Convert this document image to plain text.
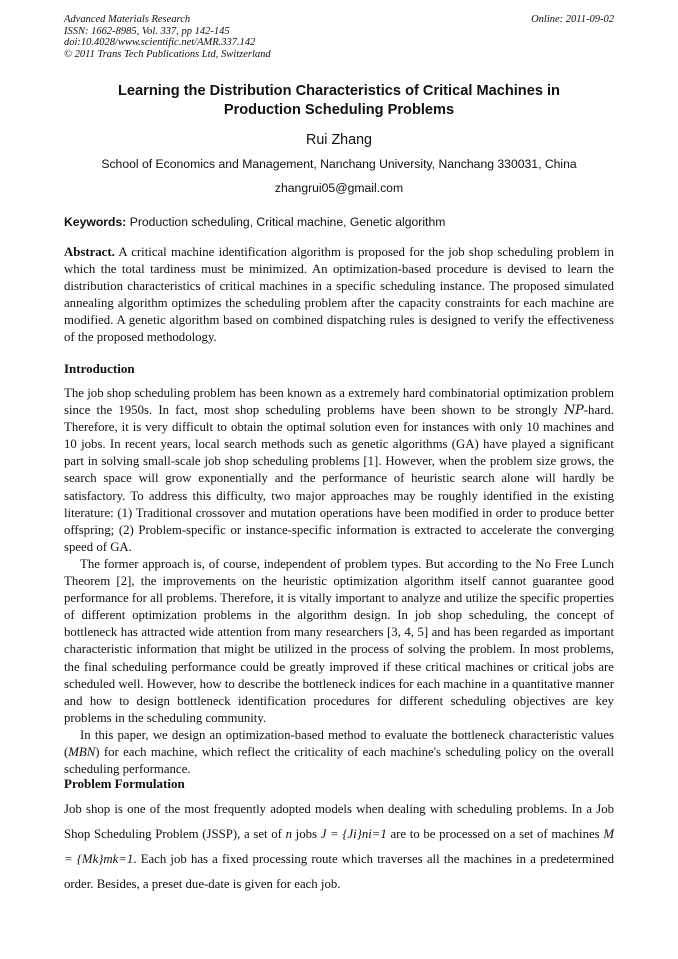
Advanced Materials Research
ISSN: 1662-8985, Vol. 337, pp 142-145
doi:10.4028/www.scientific.net/AMR.337.142
© 2011 Trans Tech Publications Ltd, Switzerland
Online: 2011-09-02
Learning the Distribution Characteristics of Critical Machines in
Production Scheduling Problems
Rui Zhang
School of Economics and Management, Nanchang University, Nanchang 330031, China
zhangrui05@gmail.com
Keywords: Production scheduling, Critical machine, Genetic algorithm
Abstract. A critical machine identification algorithm is proposed for the job shop scheduling problem in which the total tardiness must be minimized. An optimization-based procedure is devised to learn the distribution characteristics of critical machines in a specific scheduling instance. The proposed simulated annealing algorithm optimizes the scheduling problem after the capacity constraints for each machine are modified. A genetic algorithm based on combined dispatching rules is designed to verify the effectiveness of the proposed methodology.
Introduction

The job shop scheduling problem has been known as a extremely hard combinatorial optimization problem since the 1950s. In fact, most shop scheduling problems have been shown to be strongly NP-hard. Therefore, it is very difficult to obtain the optimal solution even for instances with only 10 machines and 10 jobs. In recent years, local search methods such as genetic algorithms (GA) have played a significant part in solving small-scale job shop scheduling problems [1]. However, when the problem size grows, the search space will grow exponentially and the performance of heuristic search alone will hardly be satisfactory. To address this difficulty, two major approaches may be roughly identified in the existing literature: (1) Traditional crossover and mutation operations have been modified in order to produce better offspring; (2) Problem-specific or instance-specific information is extracted to accelerate the converging speed of GA.

The former approach is, of course, independent of problem types. But according to the No Free Lunch Theorem [2], the improvements on the heuristic optimization algorithm itself cannot guarantee good performance for all problems. Therefore, it is vitally important to analyze and utilize the specific properties of different optimization problems in the algorithm design. In job shop scheduling, the concept of bottleneck has attracted wide attention from many researchers [3, 4, 5] and has been regarded as important characteristic information that might be utilized in the process of solving the problem. In most problems, the final scheduling performance could be greatly improved if these critical machines or critical jobs are scheduled well. However, how to describe the bottleneck indices for each machine in a quantitative manner and how to design bottleneck identification procedures for different scheduling objectives are key problems in the scheduling community.

In this paper, we design an optimization-based method to evaluate the bottleneck characteristic values (MBN) for each machine, which reflect the criticality of each machine's scheduling policy on the overall scheduling performance.

Problem Formulation

Job shop is one of the most frequently adopted models when dealing with scheduling problems. In a Job Shop Scheduling Problem (JSSP), a set of n jobs J = {Ji}ni=1 are to be processed on a set of machines M = {Mk}mk=1. Each job has a fixed processing route which traverses all the machines in a predetermined order. Besides, a preset due-date is given for each job.
